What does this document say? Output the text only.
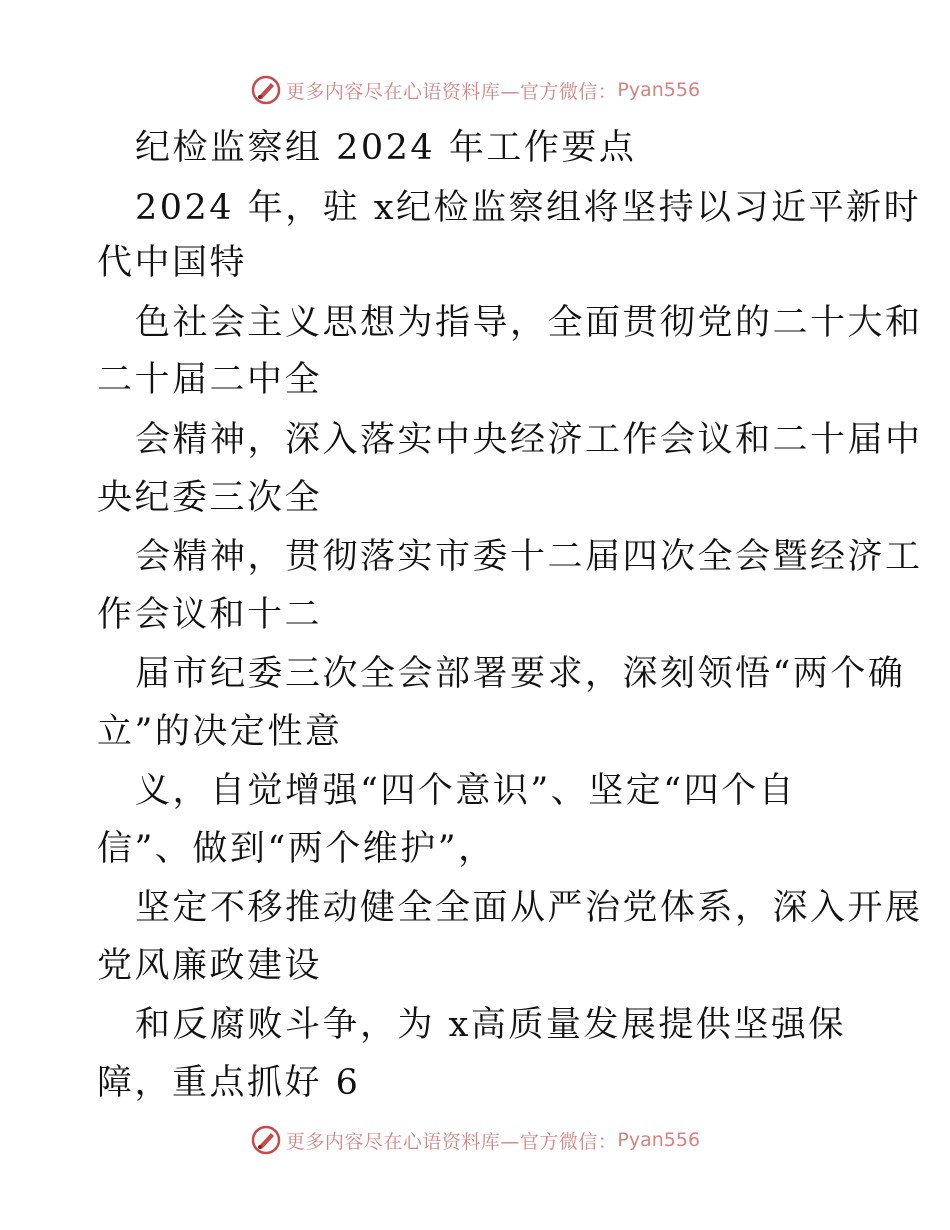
更多内容尽在心语资料库—官方微信： Pyan556
纪检监察组 2024 年工作要点
2024 年，驻 x纪检监察组将坚持以习近平新时
代中国特
色社会主义思想为指导，全面贯彻党的二十大和
二十届二中全
会精神，深入落实中央经济工作会议和二十届中
央纪委三次全
会精神，贯彻落实市委十二届四次全会暨经济工
作会议和十二
届市纪委三次全会部署要求，深刻领悟“两个确
立”的决定性意
义，自觉增强“四个意识”、坚定“四个自
信”、做到“两个维护”，
坚定不移推动健全全面从严治党体系，深入开展
党风廉政建设
和反腐败斗争，为 x高质量发展提供坚强保
障，重点抓好 6
更多内容尽在心语资料库—官方微信： Pyan556
